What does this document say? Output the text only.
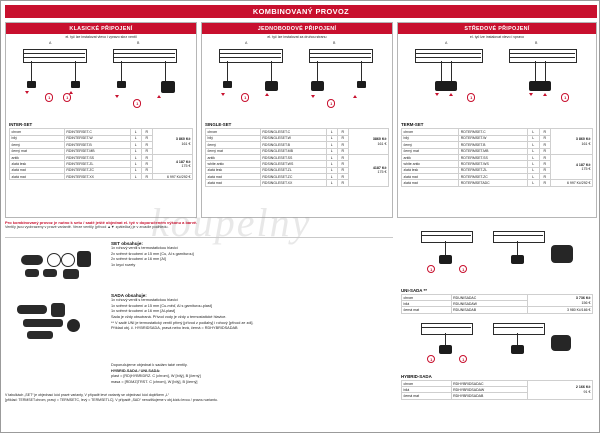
KOMBINOVANÝ PROVOZ
KLASICKÉ PŘIPOJENÍ
el. tyč lze instalovat vlevo i vpravo skrz ventil
A	B
1	1
1
INTER-SET
chrom	RDINTERSET.C	L	R	3 860 Kč
161 €

bílý	RDINTERSET.W	L	R	
černý	RDINTERSET.B	L	R	
černý mat	RDINTERSET.MB	L	R	
antik	RDINTERSET.SS	L	R	4 187 Kč
175 €

zlatá lesk	RDINTERSET.ZL	L	R	
zlatá mat	RDINTERSET.ZC	L	R	
zlatá mat	RDINTERSET.XX	L	R	6 997 Kč/292 €
JEDNOBODOVÉ PŘIPOJENÍ
el. tyč lze instalovat za druhou stranu
A	B
1
1
SINGLE-SET
chrom	RDSINGLESET.C	L	R	3860 Kč
161 €

bílý	RDSINGLESET.W	L	R	
černý	RDSINGLESET.B	L	R	
černý mat	RDSINGLESET.MB	L	R	
antik	RDSINGLESET.SS	L	R	4187 Kč
175 €

white antic	RDSINGLESET.WS	L	R	
zlatá lesk	RDSINGLESET.ZL	L	R	
zlatá mat	RDSINGLESET.ZC	L	R	
zlatá mat	RDSINGLESET.XX	L	R	
STŘEDOVÉ PŘIPOJENÍ
el. tyč lze instalovat vlevo i vpravo
A	B
1	1
TERM-SET
chrom	RDTERMSET.C	L	R	3 860 Kč
161 €

bílý	RDTERMSET.W	L	R	
černý	RDTERMSET.B	L	R	
černý mat	RDTERMSET.MB	L	R	
antik	RDTERMSET.SS	L	R	4 187 Kč
175 €

white antic	RDTERMSET.WS	L	R	
zlatá lesk	RDTERMSET.ZL	L	R	
zlatá mat	RDTERMSET.ZC	L	R	
zlatá mat	RDTERMSETADC	L	R	6 997 Kč/292 €
koupelny
Pro kombinovaný provoz je nutno k setu / sadě ještě objednat el. tyč v doporučeném výkonu a barvě.
Ventily jsou vyobrazeny v pravé variantě. Verze ventily (přívod ▲▼ zpátečka) je v zrcadle podhledu.
SET obsahuje:
1x rohový ventil s termostatickou hlavicí
2x svěrné šroubení ø 15 mm [Cu, Al s garniturou]
2x svěrné šroubení ø 16 mm [Al]
1x kryci rozety
SADA obsahuje:
1x rohový ventil s termostatickou hlavicí
1x svěrné šroubení ø 15 mm [Cu-měď, Al s garniturou-plast]
1x svěrné šroubení ø 16 mm [Al-plast]
Sada je vždy obsutraná. Přívod vody je vždy u termostatické hlavice.
** V sadě UNI je termostatický ventil přímý [přívod z podlahy] i rohový [přívod ze zdi].
Příklad obj. č. HYBRIDSADA, pravá nebo levá, černá = RDHYBRIDSADAB
Doporučujeme objednat k sadám také ventily.
HYBRID-SADA / UNI-SADA:
plast = [RD|HYBRIDRZ. C |chrom], W [bílý], B [černý]
masa = [RDMZ|TRST. C |chrom], W [bílý], B [černý]
1	1
UNI-SADA **
chrom	RDUNISADAC	3 736 Kč
156 €

bílá	RDUNISADAW	
černá mat	RDUNISADAB	3 980 Kč/166 €
1	1
HYBRID-SADA
chrom	RDHYBRIDSADAC	2 166 Kč
91 €

bílá	RDHYBRIDSADAW	
černá mat	RDHYBRIDSADAB	
V tabulkách „SET“ je objednací kód pravé varianty, V případě levé varianty se objednací kód doplňkem „L“
[příklad: TERMSET.chrom, pravý = TERMSETC, levý = TERMSETLC]. V případě „SAD“ nerozlišujeme v obj.kódu levou / pravou variantu.
